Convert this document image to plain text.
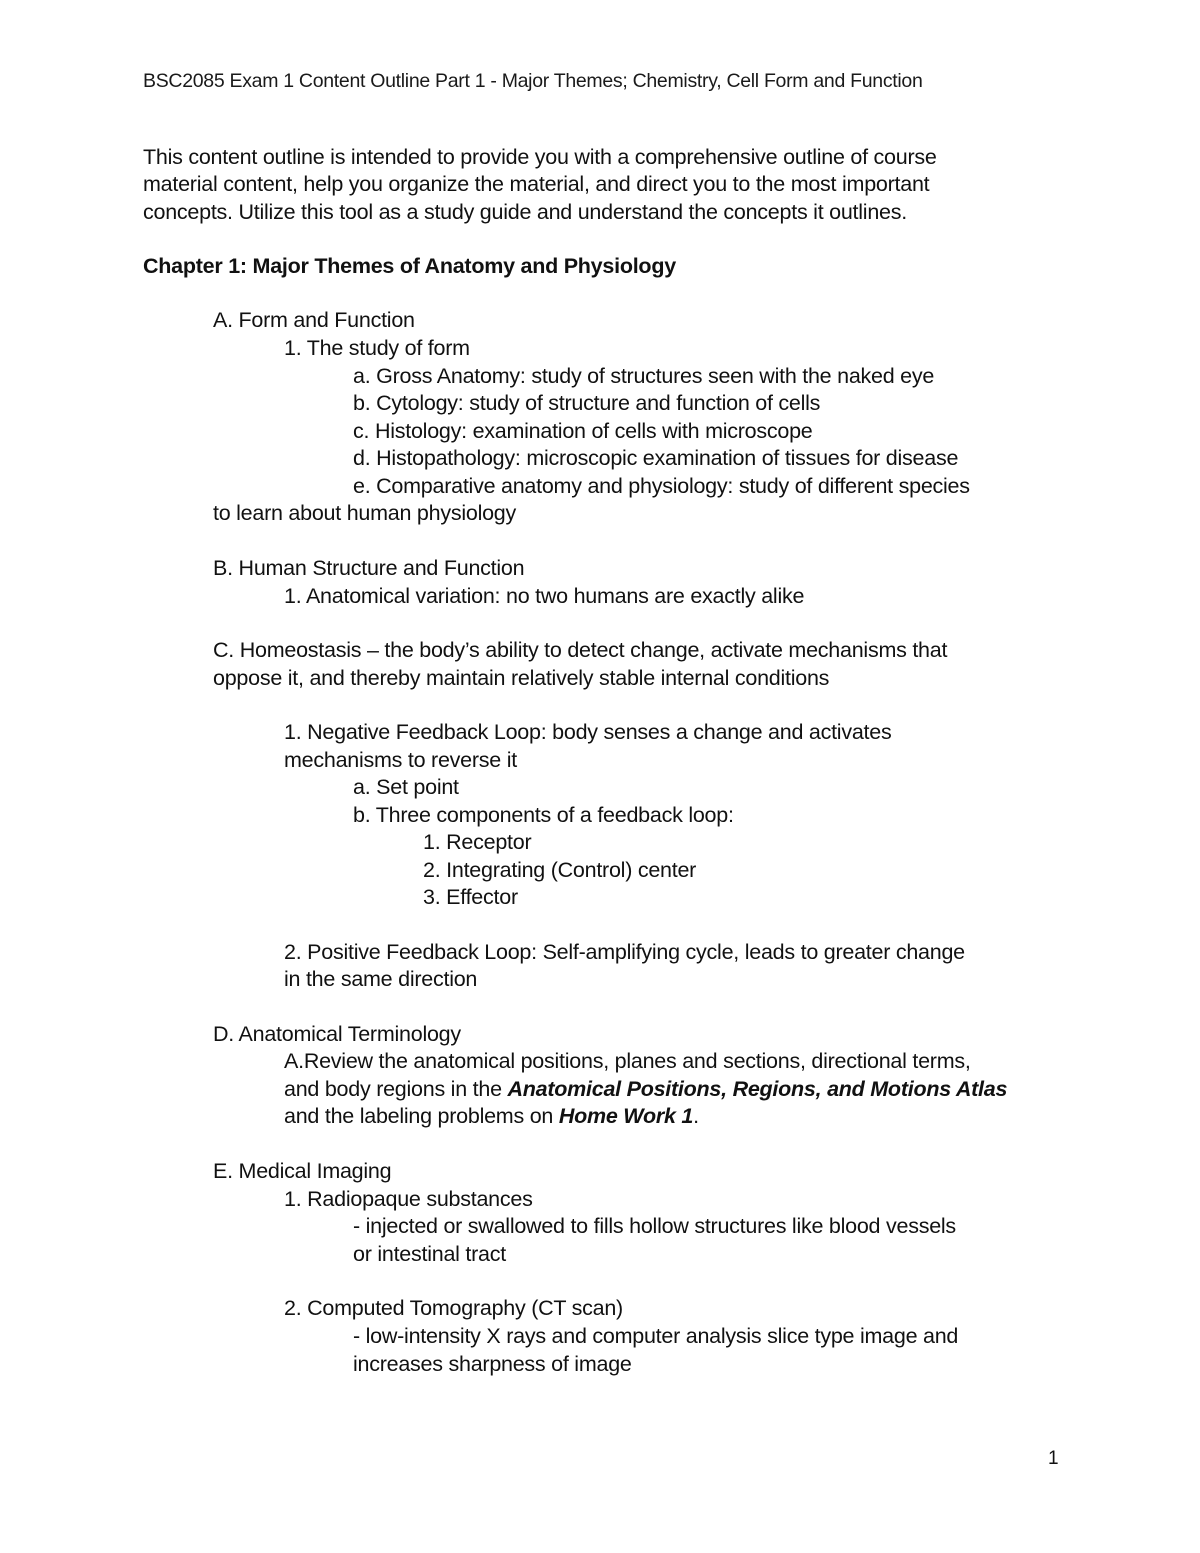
BSC2085 Exam 1 Content Outline Part 1 - Major Themes; Chemistry, Cell Form and Function
This content outline is intended to provide you with a comprehensive outline of course
material content, help you organize the material, and direct you to the most important
concepts. Utilize this tool as a study guide and understand the concepts it outlines.
Chapter 1: Major Themes of Anatomy and Physiology
A. Form and Function
1. The study of form
a. Gross Anatomy: study of structures seen with the naked eye
b. Cytology: study of structure and function of cells
c. Histology: examination of cells with microscope
d. Histopathology: microscopic examination of tissues for disease
e. Comparative anatomy and physiology: study of different species
to learn about human physiology
B. Human Structure and Function
1. Anatomical variation: no two humans are exactly alike
C. Homeostasis – the body’s ability to detect change, activate mechanisms that
oppose it, and thereby maintain relatively stable internal conditions
1. Negative Feedback Loop: body senses a change and activates
mechanisms to reverse it
a. Set point
b. Three components of a feedback loop:
1. Receptor
2. Integrating (Control) center
3. Effector
2. Positive Feedback Loop: Self-amplifying cycle, leads to greater change
in the same direction
D. Anatomical Terminology
A.Review the anatomical positions, planes and sections, directional terms,
and body regions in the Anatomical Positions, Regions, and Motions Atlas
and the labeling problems on Home Work 1.
E. Medical Imaging
1. Radiopaque substances
- injected or swallowed to fills hollow structures like blood vessels
or intestinal tract
2. Computed Tomography (CT scan)
- low-intensity X rays and computer analysis slice type image and
increases sharpness of image
1
